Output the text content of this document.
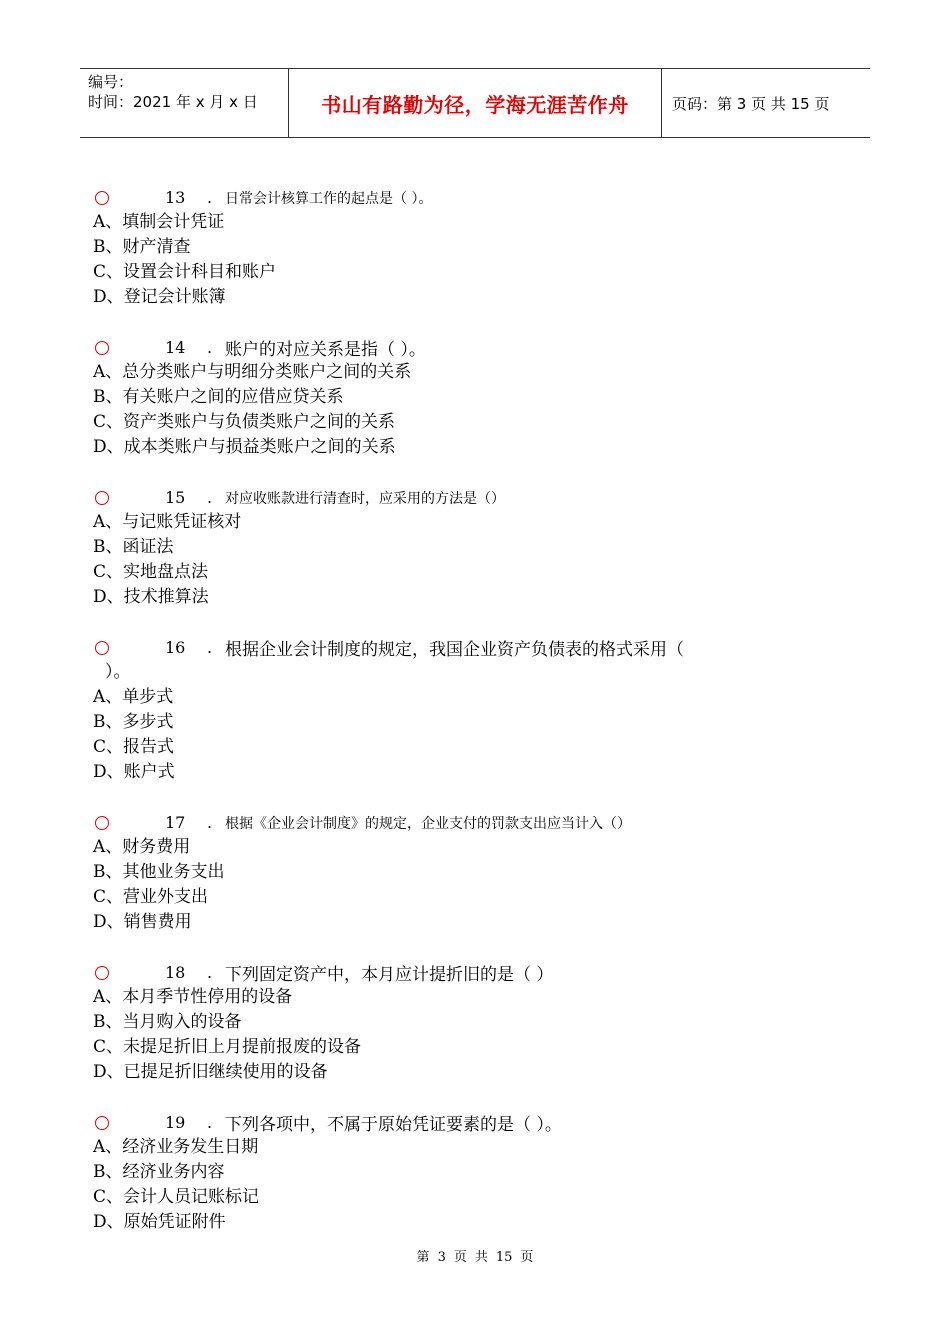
编号：
时间：2021 年 x 月 x 日	书山有路勤为径，学海无涯苦作舟	页码：第 3 页 共 15 页
13	. 日常会计核算工作的起点是（ ）。
A、填制会计凭证
B、财产清查
C、设置会计科目和账户
D、登记会计账簿
14	. 账户的对应关系是指（ ）。
A、总分类账户与明细分类账户之间的关系
B、有关账户之间的应借应贷关系
C、资产类账户与负债类账户之间的关系
D、成本类账户与损益类账户之间的关系
15	. 对应收账款进行清查时，应采用的方法是（）
A、与记账凭证核对
B、函证法
C、实地盘点法
D、技术推算法
16	. 根据企业会计制度的规定，我国企业资产负债表的格式采用（
）。
A、单步式
B、多步式
C、报告式
D、账户式
17	. 根据《企业会计制度》的规定，企业支付的罚款支出应当计入（）
A、财务费用
B、其他业务支出
C、营业外支出
D、销售费用
18	. 下列固定资产中，本月应计提折旧的是（ ）
A、本月季节性停用的设备
B、当月购入的设备
C、未提足折旧上月提前报废的设备
D、已提足折旧继续使用的设备
19	. 下列各项中，不属于原始凭证要素的是（ ）。
A、经济业务发生日期
B、经济业务内容
C、会计人员记账标记
D、原始凭证附件
第 3 页 共 15 页
